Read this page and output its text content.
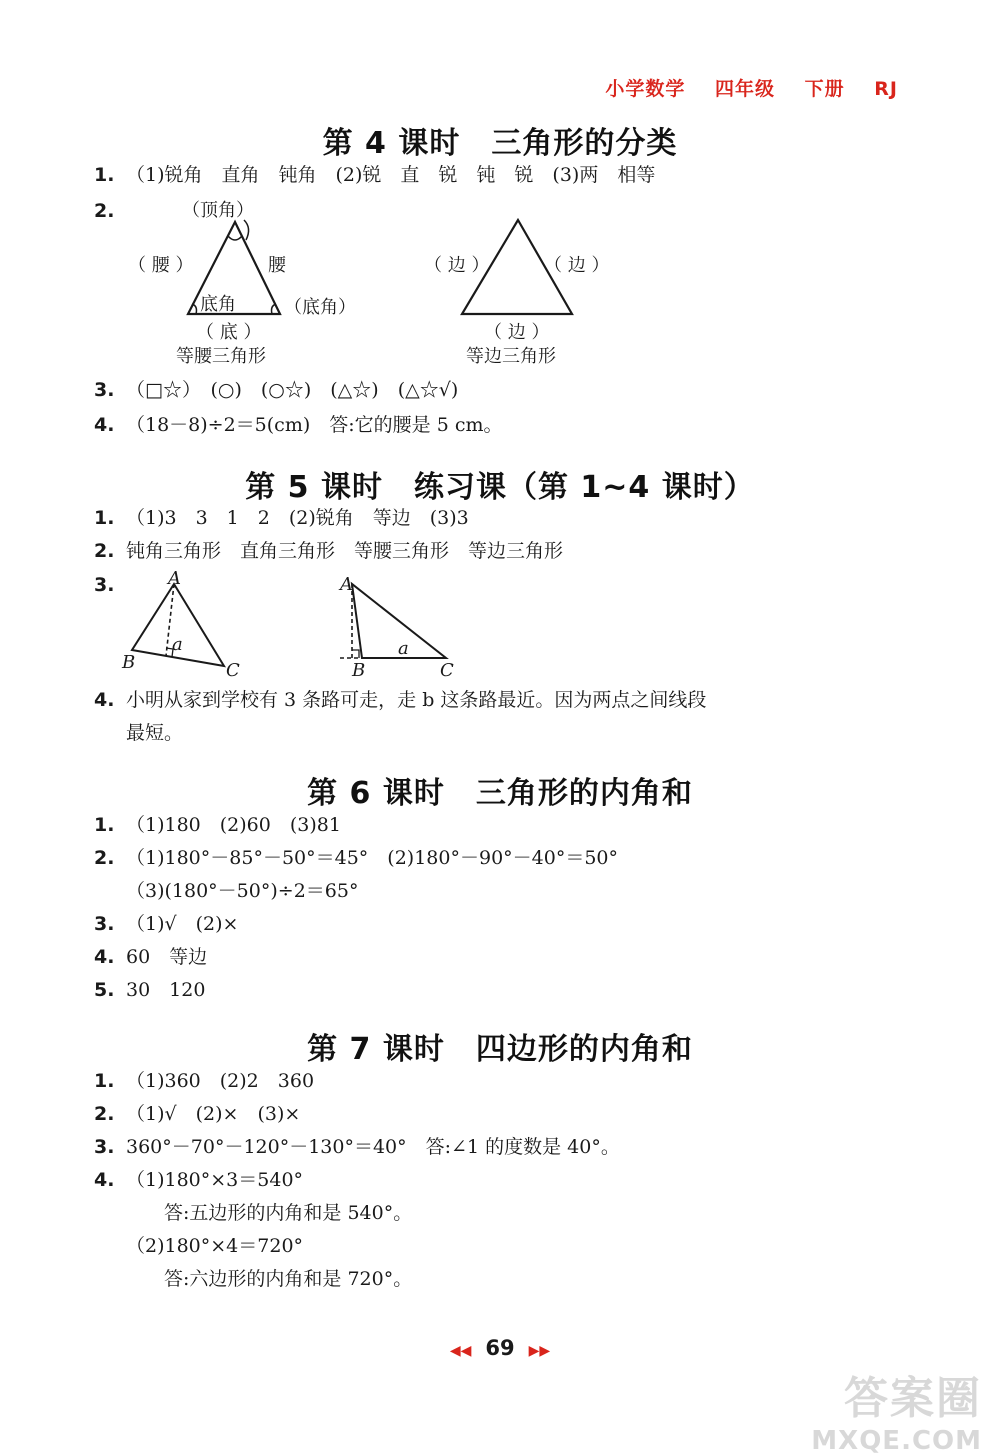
小学数学 四年级 下册 RJ
第 4 课时　三角形的分类
1. （1)锐角　直角　钝角　(2)锐　直　锐　钝　锐　(3)两　相等
2.	（顶角）
（ 腰 ）	腰
底角	（底角）
（ 底 ）
等腰三角形
（ 边 ）	（ 边 ）
（ 边 ）
等边三角形
3. （□☆）　(○)　(○☆)　(△☆)　(△☆√)
4. （18－8)÷2＝5(cm)　答:它的腰是 5 cm。
第 5 课时　练习课（第 1~4 课时）
1. （1)3　3　1　2　(2)锐角　等边　(3)3
2. 钝角三角形　直角三角形　等腰三角形　等边三角形
3.	A
B	C
a
A
B	C
a
4. 小明从家到学校有 3 条路可走，走 b 这条路最近。因为两点之间线段
最短。
第 6 课时　三角形的内角和
1. （1)180　(2)60　(3)81
2. （1)180°－85°－50°＝45°　(2)180°－90°－40°＝50°
（3)(180°－50°)÷2＝65°
3. （1)√　(2)×
4. 60　等边
5. 30　120
第 7 课时　四边形的内角和
1. （1)360　(2)2　360
2. （1)√　(2)×　(3)×
3. 360°－70°－120°－130°＝40°　答:∠1 的度数是 40°。
4. （1)180°×3＝540°
答:五边形的内角和是 540°。
（2)180°×4＝720°
答:六边形的内角和是 720°。
◀◀ 69 ▶▶
答案圈
MXQE.COM
